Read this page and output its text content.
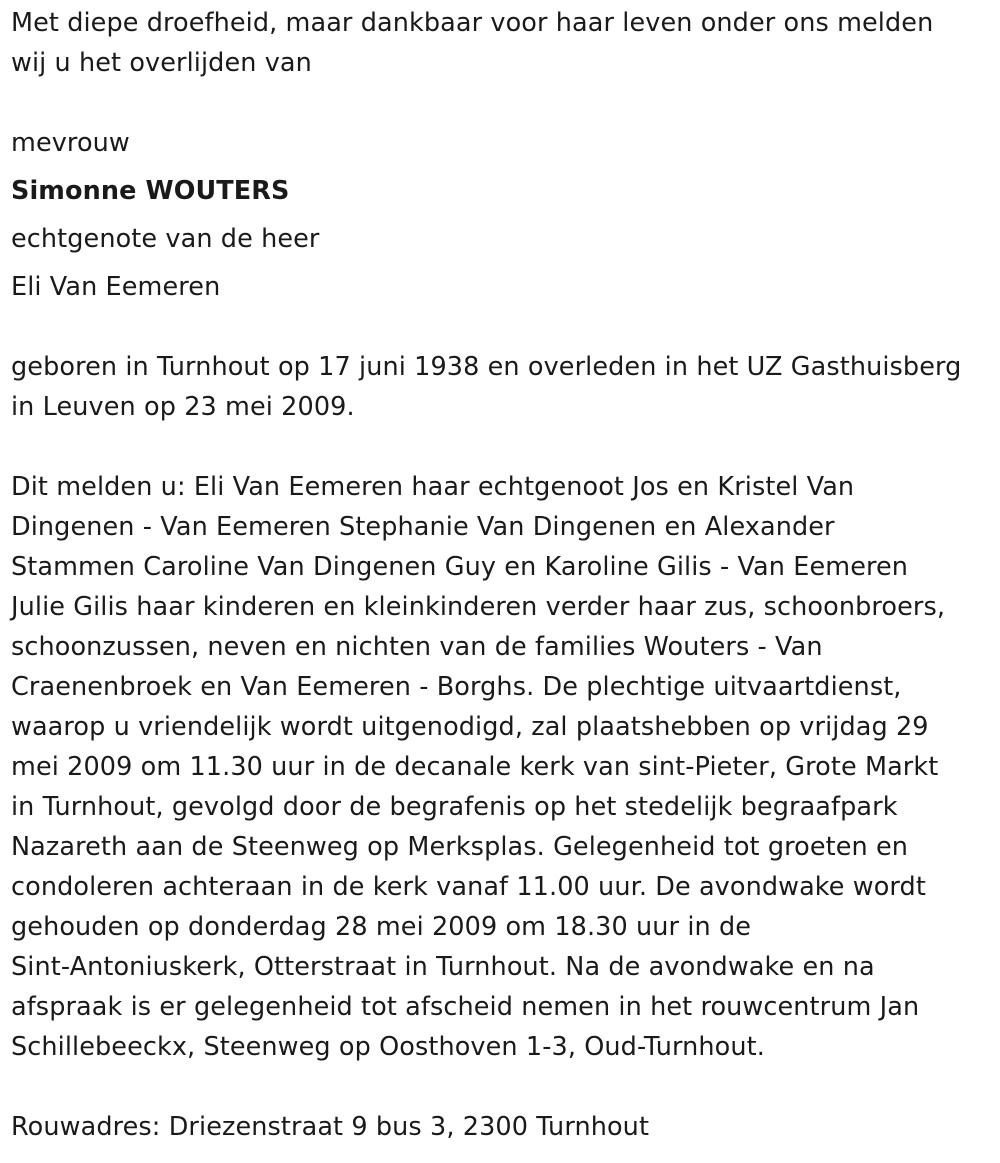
Met diepe droefheid, maar dankbaar voor haar leven onder ons melden

wij u het overlijden van

mevrouw

Simonne WOUTERS

echtgenote van de heer

Eli Van Eemeren

geboren in Turnhout op 17 juni 1938 en overleden in het UZ Gasthuisberg

in Leuven op 23 mei 2009.

Dit melden u: Eli Van Eemeren haar echtgenoot Jos en Kristel Van

Dingenen - Van Eemeren Stephanie Van Dingenen en Alexander

Stammen Caroline Van Dingenen Guy en Karoline Gilis - Van Eemeren

Julie Gilis haar kinderen en kleinkinderen verder haar zus, schoonbroers,

schoonzussen, neven en nichten van de families Wouters - Van

Craenenbroek en Van Eemeren - Borghs. De plechtige uitvaartdienst,

waarop u vriendelijk wordt uitgenodigd, zal plaatshebben op vrijdag 29

mei 2009 om 11.30 uur in de decanale kerk van sint-Pieter, Grote Markt

in Turnhout, gevolgd door de begrafenis op het stedelijk begraafpark

Nazareth aan de Steenweg op Merksplas. Gelegenheid tot groeten en

condoleren achteraan in de kerk vanaf 11.00 uur. De avondwake wordt

gehouden op donderdag 28 mei 2009 om 18.30 uur in de

Sint-Antoniuskerk, Otterstraat in Turnhout. Na de avondwake en na

afspraak is er gelegenheid tot afscheid nemen in het rouwcentrum Jan

Schillebeeckx, Steenweg op Oosthoven 1-3, Oud-Turnhout.

Rouwadres: Driezenstraat 9 bus 3, 2300 Turnhout
